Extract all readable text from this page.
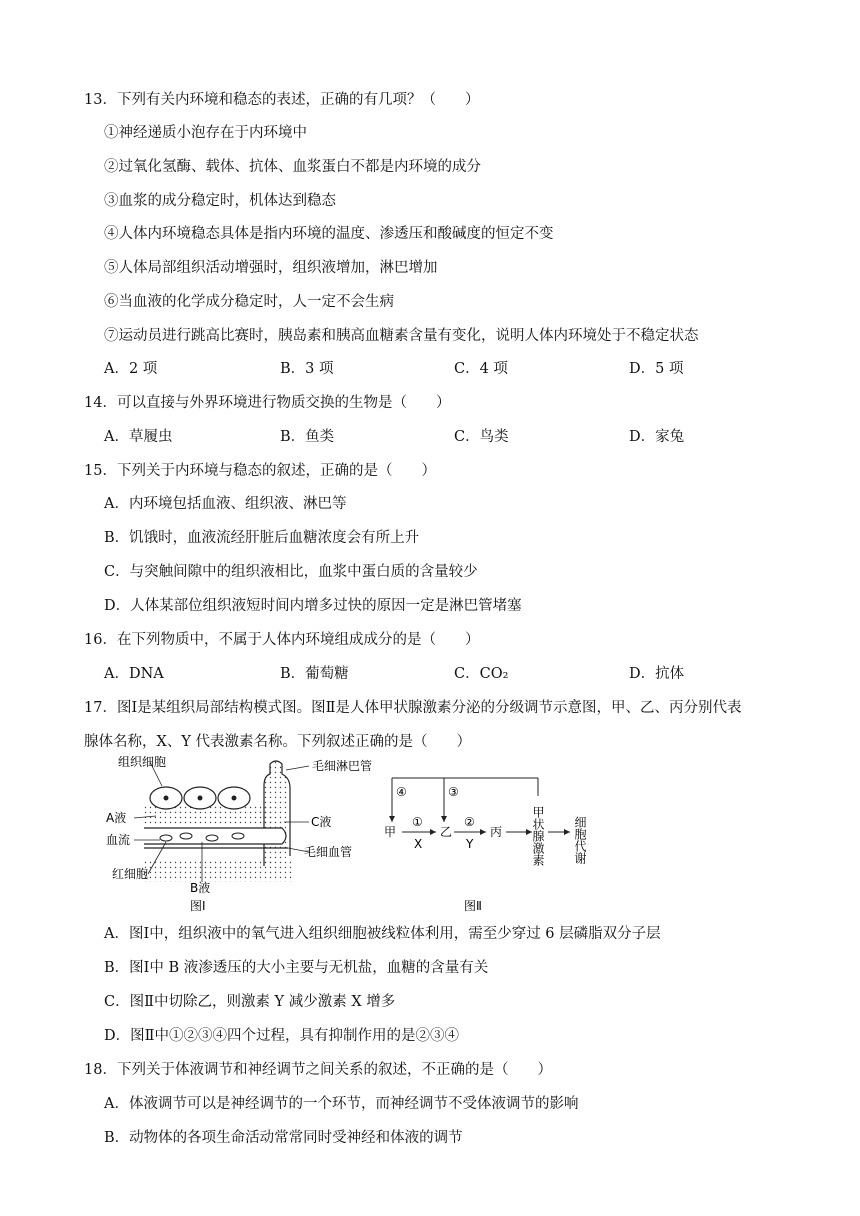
13．下列有关内环境和稳态的表述，正确的有几项？（　　）
①神经递质小泡存在于内环境中
②过氧化氢酶、载体、抗体、血浆蛋白不都是内环境的成分
③血浆的成分稳定时，机体达到稳态
④人体内环境稳态具体是指内环境的温度、渗透压和酸碱度的恒定不变
⑤人体局部组织活动增强时，组织液增加，淋巴增加
⑥当血液的化学成分稳定时，人一定不会生病
⑦运动员进行跳高比赛时，胰岛素和胰高血糖素含量有变化，说明人体内环境处于不稳定状态
A．2 项	B．3 项	C．4 项	D．5 项
14．可以直接与外界环境进行物质交换的生物是（　　）
A．草履虫	B．鱼类	C．鸟类	D．家兔
15．下列关于内环境与稳态的叙述，正确的是（　　）
A．内环境包括血液、组织液、淋巴等
B．饥饿时，血液流经肝脏后血糖浓度会有所上升
C．与突触间隙中的组织液相比，血浆中蛋白质的含量较少
D．人体某部位组织液短时间内增多过快的原因一定是淋巴管堵塞
16．在下列物质中，不属于人体内环境组成成分的是（　　）
A．DNA	B．葡萄糖	C．CO₂	D．抗体
17．图Ⅰ是某组织局部结构模式图。图Ⅱ是人体甲状腺激素分泌的分级调节示意图，甲、乙、丙分别代表
腺体名称，X、Y 代表激素名称。下列叙述正确的是（　　）
组织细胞	毛细淋巴管
A液	C液
血流
毛细血管
红细胞
B液
图Ⅰ
④	③
①	②
甲	乙	丙
X	Y	甲状腺激素 细胞代谢
图Ⅱ
A．图Ⅰ中，组织液中的氧气进入组织细胞被线粒体利用，需至少穿过 6 层磷脂双分子层
B．图Ⅰ中 B 液渗透压的大小主要与无机盐，血糖的含量有关
C．图Ⅱ中切除乙，则激素 Y 减少激素 X 增多
D．图Ⅱ中①②③④四个过程，具有抑制作用的是②③④
18．下列关于体液调节和神经调节之间关系的叙述，不正确的是（　　）
A．体液调节可以是神经调节的一个环节，而神经调节不受体液调节的影响
B．动物体的各项生命活动常常同时受神经和体液的调节
